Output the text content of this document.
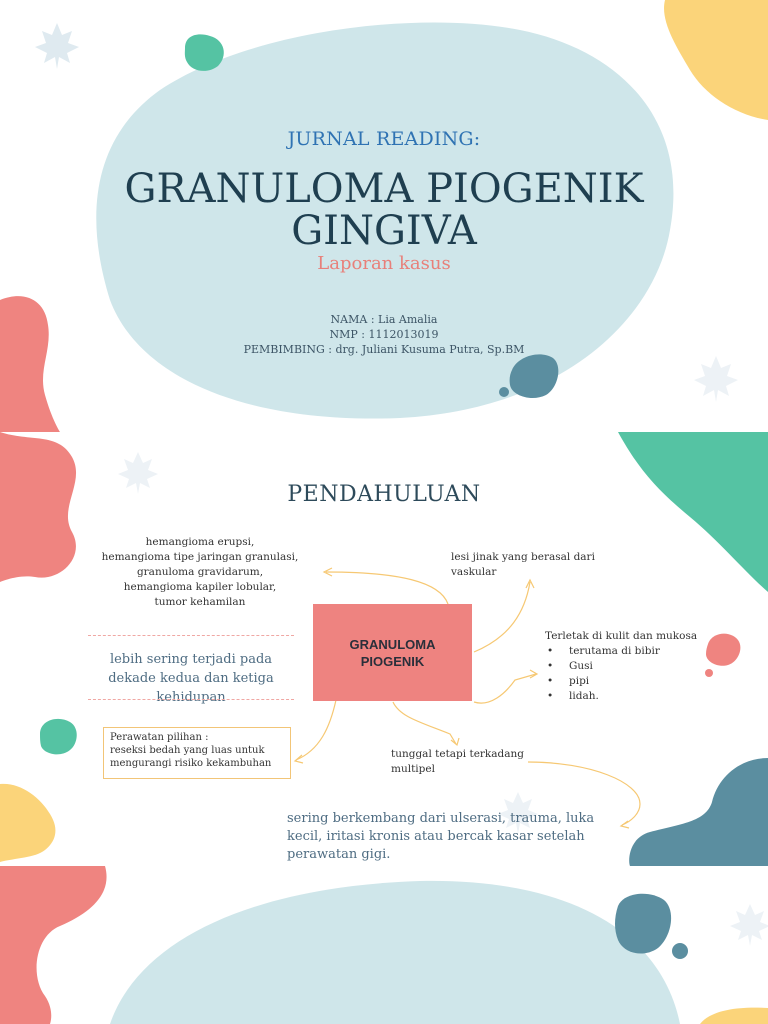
JURNAL READING:
GRANULOMA PIOGENIK
GINGIVA
Laporan kasus
NAMA : Lia Amalia
NMP : 1112013019
PEMBIMBING : drg. Juliani Kusuma Putra, Sp.BM
PENDAHULUAN
hemangioma erupsi,
hemangioma tipe jaringan granulasi,
granuloma gravidarum,
hemangioma kapiler lobular,
tumor kehamilan
lesi jinak yang berasal dari vaskular
GRANULOMA PIOGENIK
Terletak di kulit dan mukosa
• terutama di bibir
• Gusi
• pipi
• lidah.
lebih sering terjadi pada dekade kedua dan ketiga kehidupan
Perawatan pilihan :
reseksi bedah yang luas untuk mengurangi risiko kekambuhan
tunggal tetapi terkadang multipel
sering berkembang dari ulserasi, trauma, luka kecil, iritasi kronis atau bercak kasar setelah perawatan gigi.
